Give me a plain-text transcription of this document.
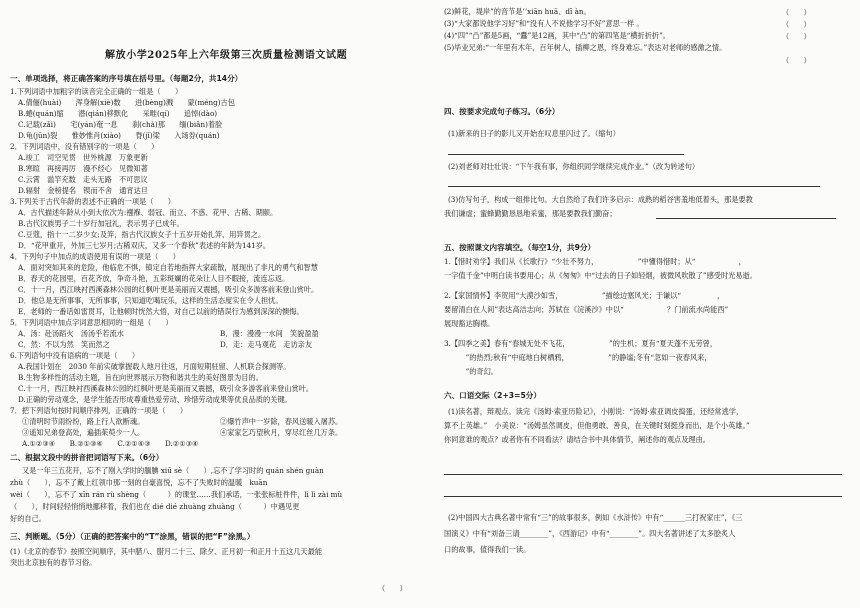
解放小学2025年上六年级第三次质量检测语文试题
一、单项选择，将正确答案的序号填在括号里。（每题2分，共14分）
1.下列词语中加粗字的读音完全正确的一组是（　　）
A.倩俪(huài)　　浑身解(xiè)数　　迸(bèng)溅　　蒙(méng)古包
B.蜷(quán)缩　　潜(qián)移默化　　采畦(qí)　　追悼(dào)
C.记载(zǎi)　　宅(yán)奄一息　　刹(chà)那　　缅(biǎn)着脸
D.龟(jūn)裂　　惟妙惟肖(xiào)　　脊(jǐ)梁　　入场券(quán)
2．下列词语中，没有错别字的一项是（　　）
A.竣工　司空见贯　世外桃源　万象更新
B.寒暄　再接再厉　漫不经心　见微知著
C.云霄　滥竽充数　走头无路　不可思议
D.辐射　金榜提名　锲而不舍　通宵达旦
3.下列关于古代年龄的表述不正确的一项是（　　）
A．古代描述年龄从小到大依次为:襁褓、弱冠、而立、不惑、花甲、古稀、期颐。
B.古代汉族男子二十岁行加冠礼，表示男子已成年。
C.豆蔻，指十一二岁少女;及笄，指古代汉族女子十五岁开始扎笄，用笄贯之。
D．“花甲重开，外加三七岁月;古稀双庆，又多一个春秋”表述的年龄为141岁。
4．下列句子中加点的成语使用有误的一项是（　　）
A．面对突如其来的危险，他临危不惧，镇定自若地指挥大家疏散，展现出了非凡的勇气和智慧
B．春天的花园里，百花齐放，争奇斗艳，五彩斑斓的花朵让人目不暇接，流连忘返。
C．十一月，西江映衬西溪森林公园的红枫叶更是美丽而又震撼，吸引众多游客前来登山赏叶。
D．他总是无所事事，无所事事，只知道吃喝玩乐，这样的生活态度实在令人担忧。
E．老师的一番话如雷贯耳，让他顿时恍然大悟，对自己以前的错误行为感到深深的懊悔。
5．下列词语中加点字词意思相同的一组是（　　）
A．汤：赴汤蹈火　汤汤乎若流水	B．漫：漫漫一水间　笑貌盈盈
C．然：不以为然　笑而然之	D．走：走马观花　走访亲友
6.下列语句中没有语病的一项是（　　）
A.我国计划在　2030 年前实破掌握载人地月往返，月面短期驻留、人机联合探测等。
B.生物多样性的活动主题，旨在向世界展示万物和谐共生的美好图景为目的。
C.十一月，西江映衬西溪森林公园的红枫叶更是美丽而又震撼，吸引众多游客前来登山赏叶。
D.正确的劳动观念，是学生能否形成尊重热爱劳动、珍惜劳动成果等优良品质的关键。
7．把下列语句按时间顺序排列，正确的一项是（　　）
①清明时节雨纷纷，路上行人欲断魂。	②爆竹声中一岁除，春风送暖入屠苏。
③遥知兄弟登高处，遍插茱萸少一人。	④家家乞巧望秋月，穿尽红丝几万条。
A.①②③④　　B.②①③④　　C.②①④③　　D.②①③④
二、根据文段中的拼音把词语写下来。（6分）
又是一年三五花开，忘不了刚入学时的腼腆 xiū sè（　　）,忘不了学习时的 quán shén guàn
zhù（　　），忘不了戴上红领巾那一刻的自豪喜悦，忘不了失败时的温暖　kuān
wèi（　　），忘不了 xīn rán rù shèng（　　　）的课堂……我们承诺，一张张标桩件件，lì lì zài mù
（　　），时间轻轻悄悄地挪移着，我们也在 dié dié zhuàng zhuàng（　　　）中遇见更
好的自己。
三、判断题。（5分）（正确的把答案中的“T”涂黑，错误的把“F”涂黑。）
(1)《北京的春节》按照空间顺序，其中腊八、腊月二十三、除夕、正月初一和正月十五这几天最能
突出北京独有的春节习俗。
（　　）
(2)鲜花，堤岸”的音节是’’xiān huā、dī àn。	（　　）
(3)“大家都说他学习好”和“没有人不说他学习不好”意思一样 。	（　　）
(4)“四”“凸”都是5画，“蠹”是12画，其中“凸”的第四笔是“横折折折”。	（　　）
(5)毕业兄弟:“一年里有木年，百年树人，插柳之恩，终身难忘。”表达对老师的感激之情。
（　　）
四、按要求完成句子练习。（6分）
(1)新来的日子的影儿又开始在叹息里闪过了。（缩句）
(2)刘老师对壮壮说：“下午我有事，你组织同学继续完成作业。”（改为转述句）
(3)仿写句子，构成一组排比句。大自然给了我们许多启示：成熟的稻谷害羞地低着头，那是要教
我们谦虚；蜜蜂勤勤恳恳地采蜜，那是要教我们勤奋；
五、按照课文内容填空。（每空1分，共9分）
1.【惜时劝学】我们从《长歌行》“少壮不努力，　　　　　　”中懂得惜时；从“　　　　　　，
一字值千金”中明白读书要用心；从《匆匆》中“过去的日子如轻烟，被微风吹散了”感受时光易逝。
2.【家国情怀】李贺用“大漠沙如雪，　　　　　　”描绘边塞风光；于谦以“　　　　　，
要留清白在人间”表达高洁志向；苏轼在《浣溪沙》中以“　　　　　　？门前流水尚能西”
展现豁达胸襟。
3.【四季之美】春有“春城无处不飞花，　　　　　　”的生机；夏有“夏天蓬不无劳曾，　　　　　
　　　”的热烈;秋有“中庭地白树栖鸦，　　　　　　”的静谧;冬有“忽如一夜春风来，　　　　　
　　　”的奇幻。
六、口语交际（2+3=5分）
(1)读名著，辩观点。读完《汤姆·索亚历险记》，小刚说：“汤姆·索亚调皮捣蛋，还经常逃学，
算不上英雄。”　小美说：“汤姆虽然调皮，但他勇敢、善良，在关键时刻挺身而出，是个小英雄。”
你同意谁的观点？或者你有不同看法？请结合书中具体情节，阐述你的观点及理由。
(2)中国四大古典名著中常有“三”的故事很多，例如《水浒传》中有“______三打祝家庄”，《三
国演义》中有“刘备三请________”，《西游记》中有“________”。四大名著讲述了太多脍炙人
口的故事，值得我们一读。
